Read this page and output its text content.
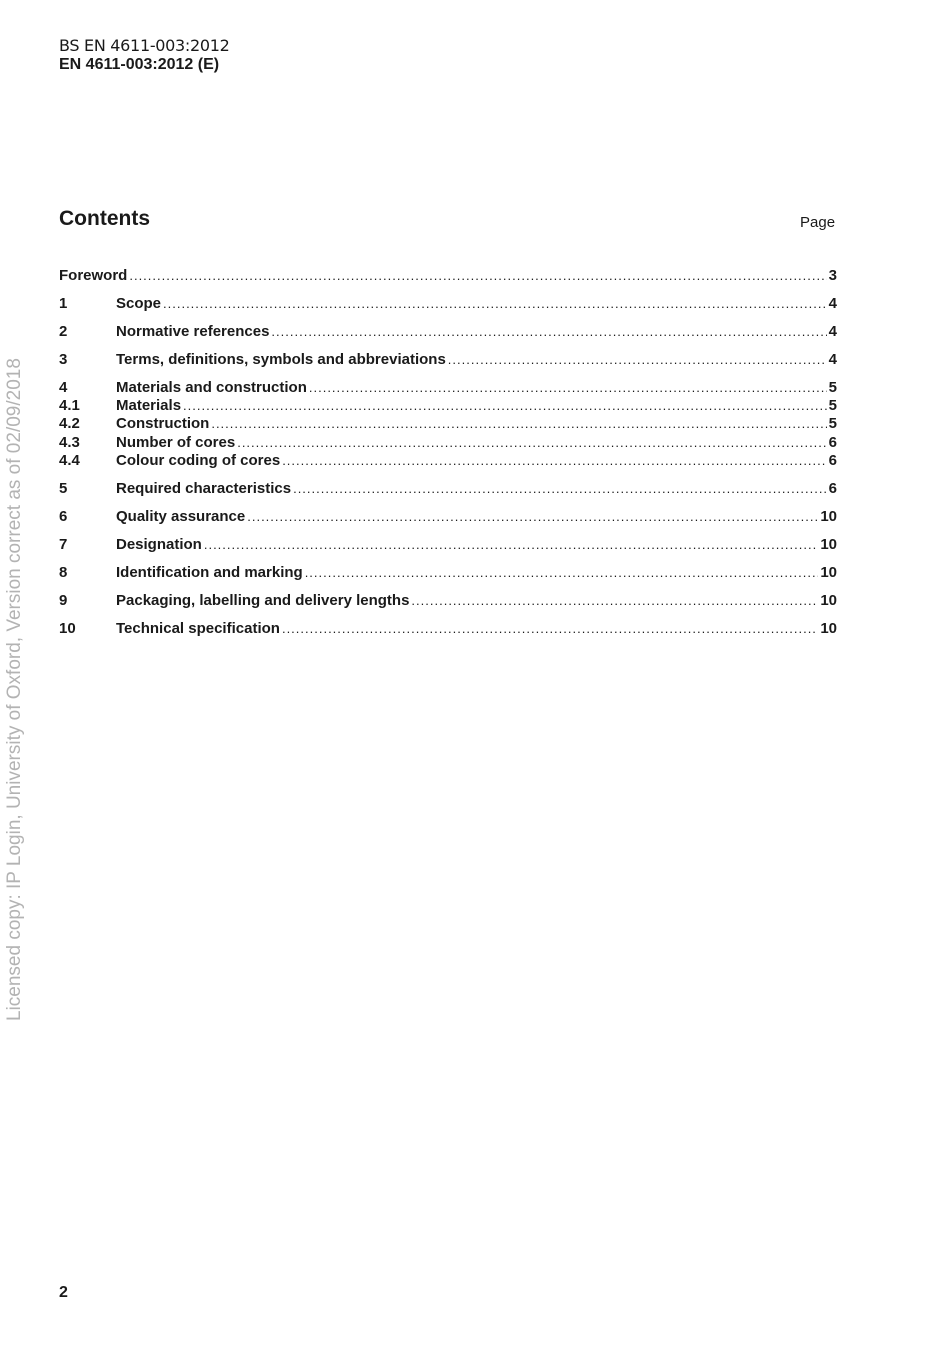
BS EN 4611-003:2012
EN 4611-003:2012 (E)
Contents	Page
Foreword .....	3
1	Scope .....	4
2	Normative references .....	4
3	Terms, definitions, symbols and abbreviations .....	4
4	Materials and construction .....	5
4.1 Materials .....	5
4.2 Construction .....	5
4.3 Number of cores .....	6
4.4 Colour coding of cores .....	6
5	Required characteristics .....	6
6	Quality assurance .....	10
7	Designation .....	10
8	Identification and marking .....	10
9	Packaging, labelling and delivery lengths .....	10
10	Technical specification .....	10
Licensed copy: IP Login, University of Oxford, Version correct as of 02/09/2018
2
